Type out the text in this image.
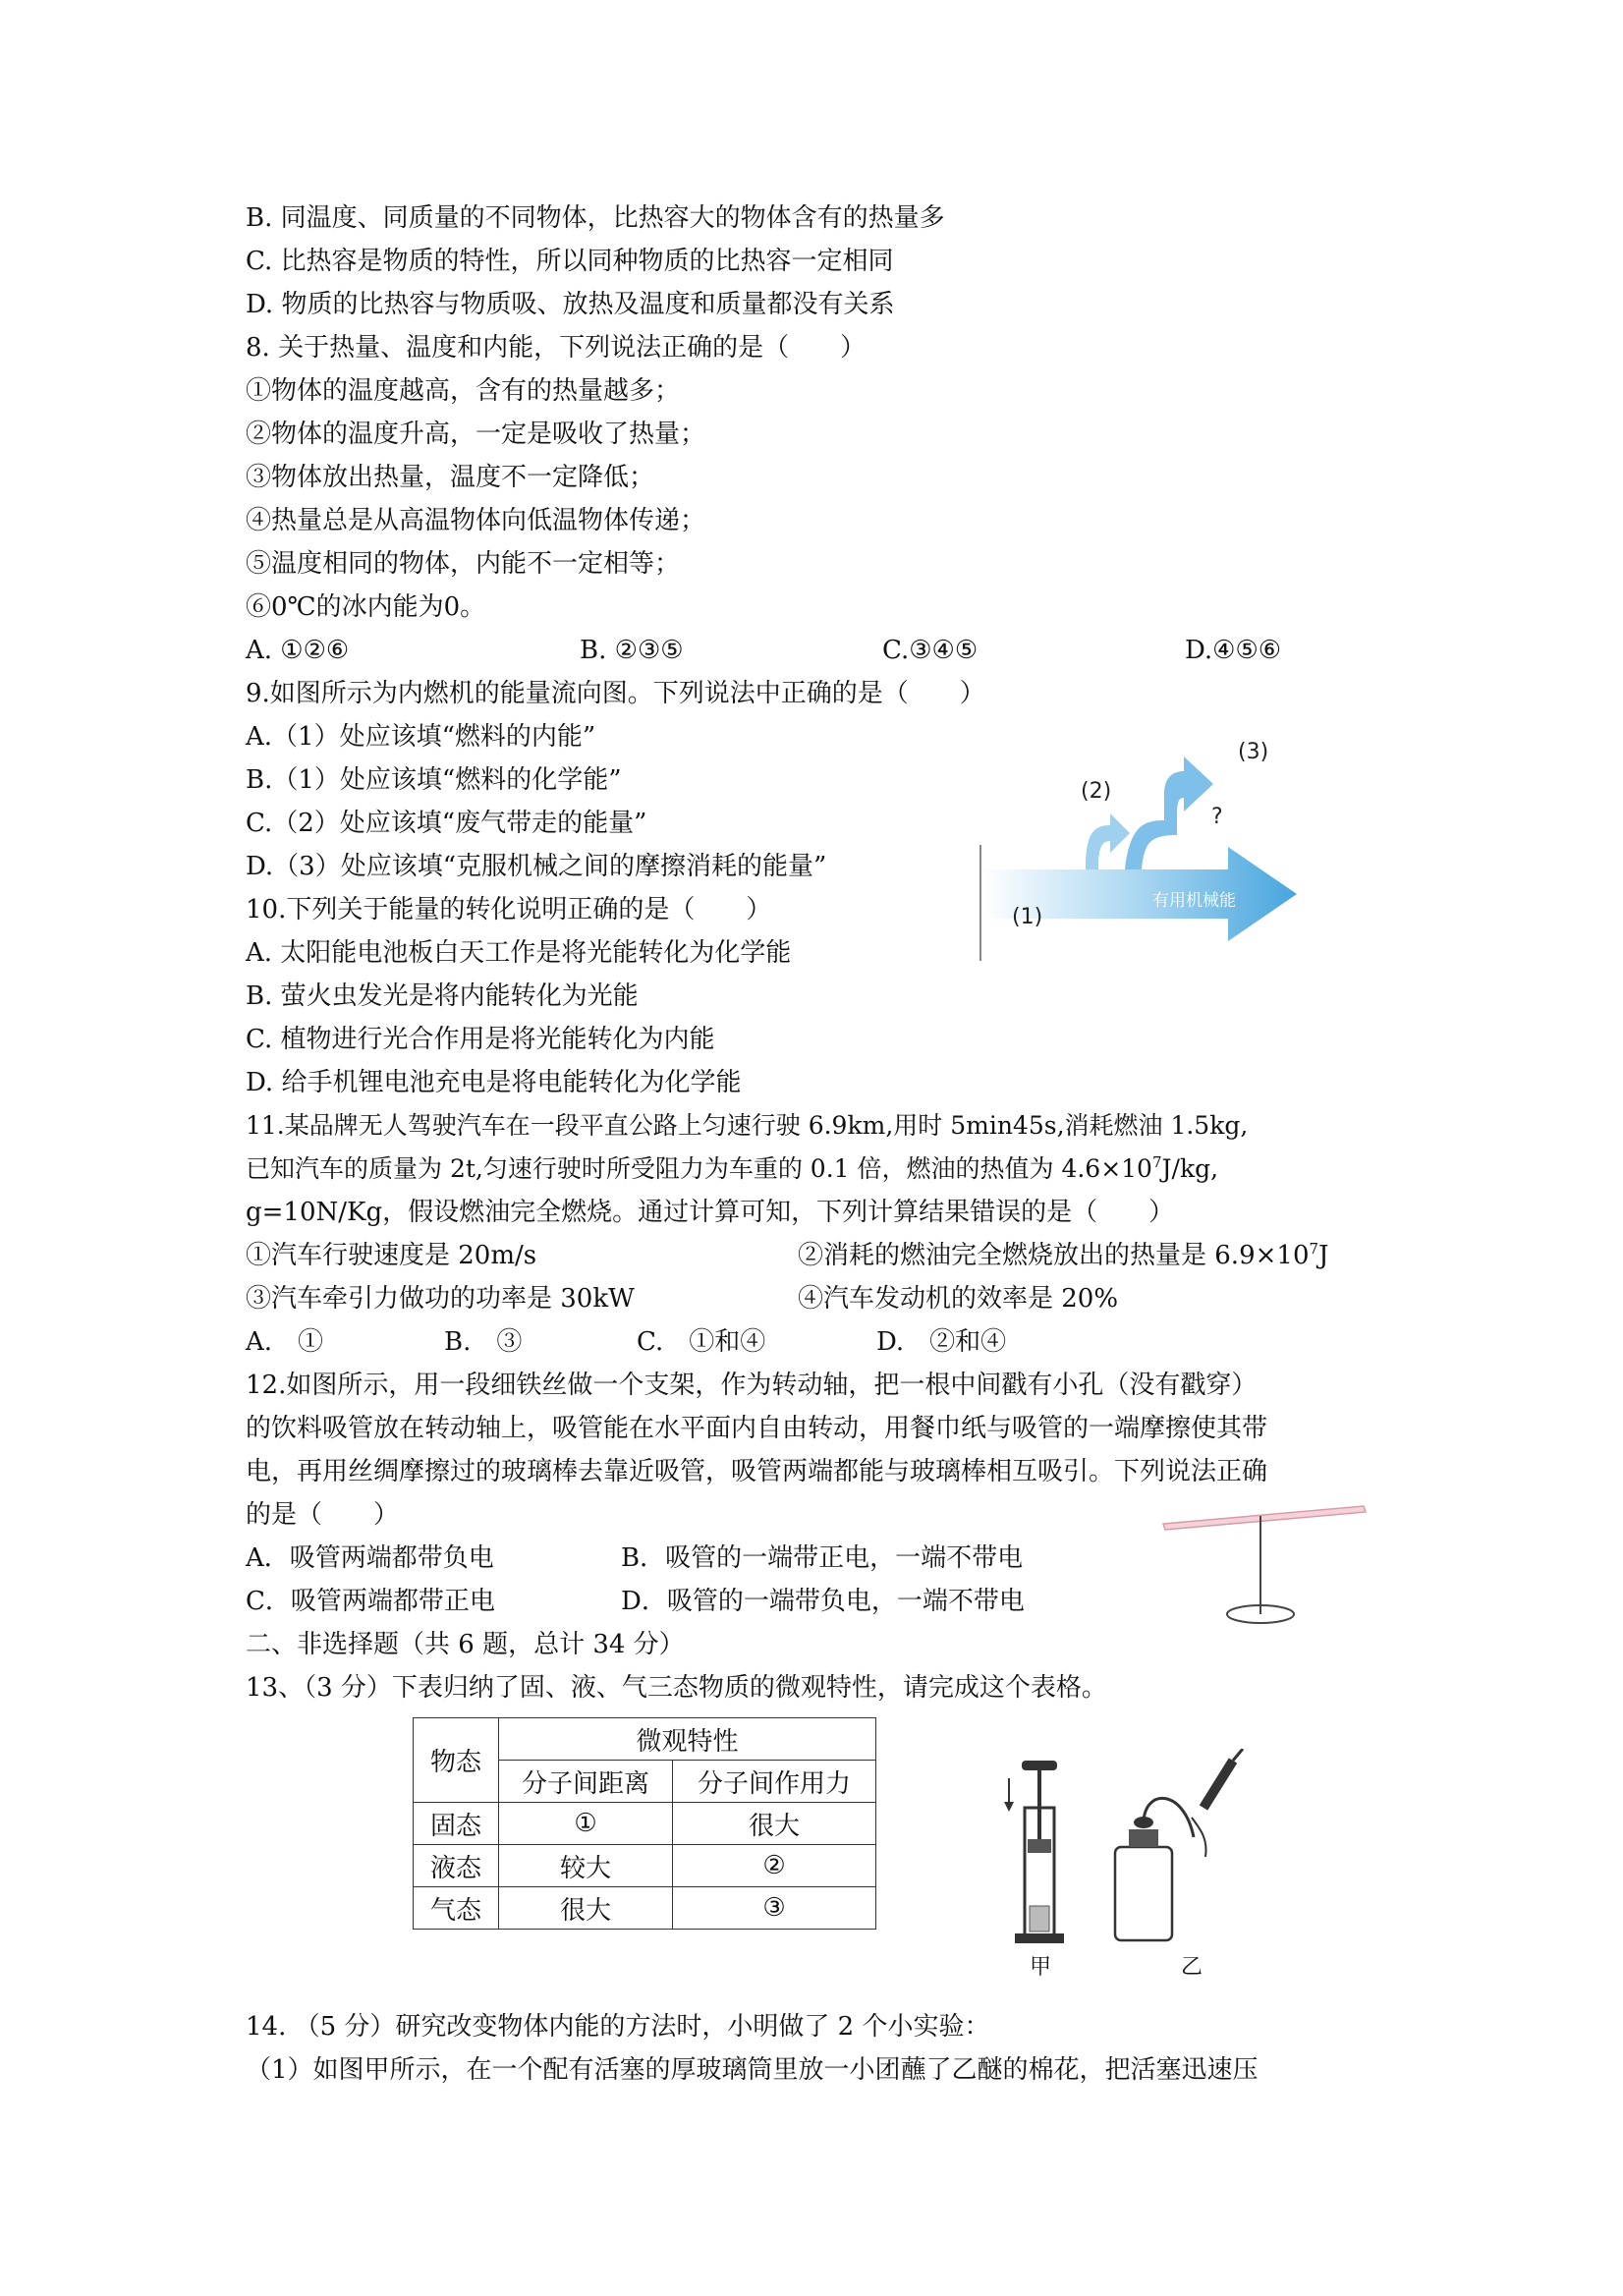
B. 同温度、同质量的不同物体，比热容大的物体含有的热量多
C. 比热容是物质的特性，所以同种物质的比热容一定相同
D. 物质的比热容与物质吸、放热及温度和质量都没有关系
8. 关于热量、温度和内能，下列说法正确的是（　　）
①物体的温度越高，含有的热量越多；
②物体的温度升高，一定是吸收了热量；
③物体放出热量，温度不一定降低；
④热量总是从高温物体向低温物体传递；
⑤温度相同的物体，内能不一定相等；
⑥0℃的冰内能为0。
A. ①②⑥	B. ②③⑤	C.③④⑤	D.④⑤⑥
9.如图所示为内燃机的能量流向图。下列说法中正确的是（　　）
A.（1）处应该填“燃料的内能”
B.（1）处应该填“燃料的化学能”
C.（2）处应该填“废气带走的能量”
D.（3）处应该填“克服机械之间的摩擦消耗的能量”
10.下列关于能量的转化说明正确的是（　　）
A. 太阳能电池板白天工作是将光能转化为化学能
B. 萤火虫发光是将内能转化为光能
C. 植物进行光合作用是将光能转化为内能
D. 给手机锂电池充电是将电能转化为化学能
11.某品牌无人驾驶汽车在一段平直公路上匀速行驶 6.9km,用时 5min45s,消耗燃油 1.5kg,
已知汽车的质量为 2t,匀速行驶时所受阻力为车重的 0.1 倍，燃油的热值为 $4.6\times 10^7J/kg$,
g=10N/Kg，假设燃油完全燃烧。通过计算可知，下列计算结果错误的是（　　）
①汽车行驶速度是 20m/s	②消耗的燃油完全燃烧放出的热量是 $6.9\times 10^7J$
③汽车牵引力做功的功率是 30kW	④汽车发动机的效率是 20%
A.　①	B.　③	C.　①和④	D.　②和④
12.如图所示，用一段细铁丝做一个支架，作为转动轴，把一根中间戳有小孔（没有戳穿）
的饮料吸管放在转动轴上，吸管能在水平面内自由转动，用餐巾纸与吸管的一端摩擦使其带
电，再用丝绸摩擦过的玻璃棒去靠近吸管，吸管两端都能与玻璃棒相互吸引。下列说法正确
的是（　　）
A．吸管两端都带负电	B．吸管的一端带正电，一端不带电
C．吸管两端都带正电	D．吸管的一端带负电，一端不带电
二、非选择题（共 6 题，总计 34 分）
13、（3 分）下表归纳了固、液、气三态物质的微观特性，请完成这个表格。
物态	微观特性	
	分子间距离	分子间作用力
固态	①	很大
液态	较大	②
气态	很大	③
14. （5 分）研究改变物体内能的方法时，小明做了 2 个小实验：
（1）如图甲所示，在一个配有活塞的厚玻璃筒里放一小团蘸了乙醚的棉花，把活塞迅速压
(1)
(2)
(3)
?
有用机械能
甲	乙
